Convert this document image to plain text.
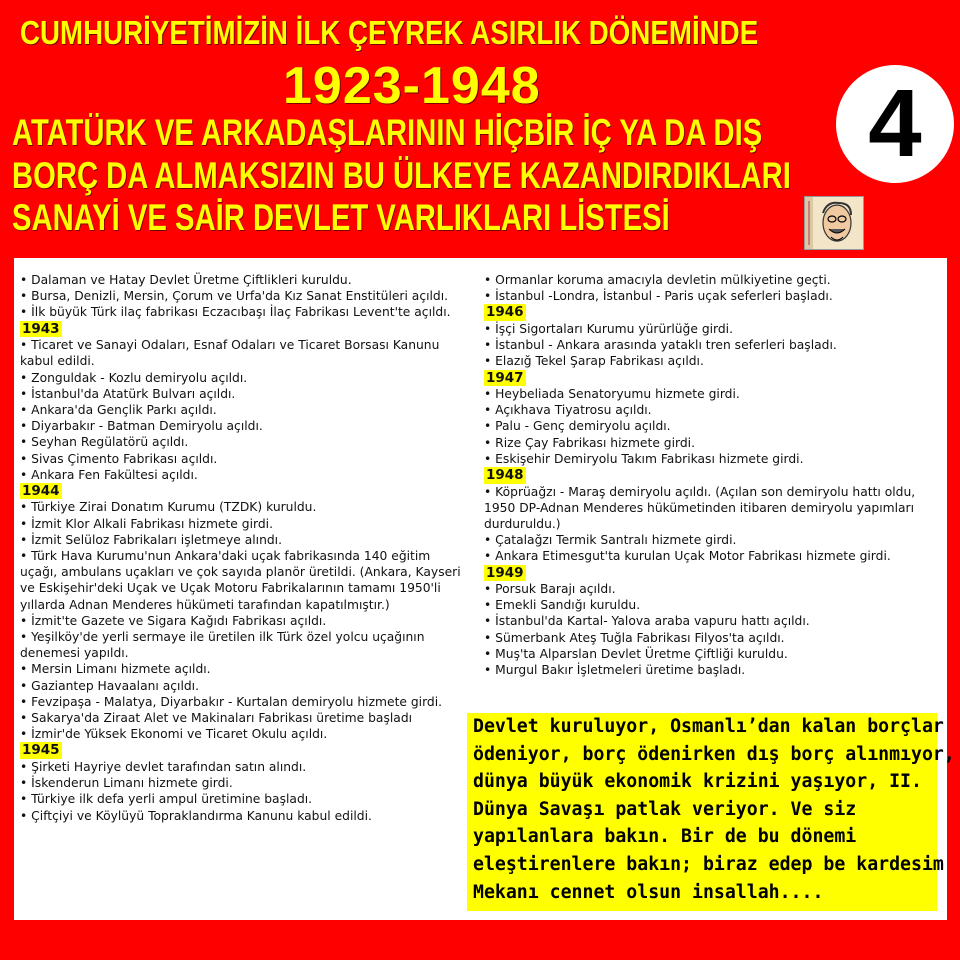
CUMHURİYETİMİZİN İLK ÇEYREK ASIRLIK DÖNEMİNDE
1923-1948
ATATÜRK VE ARKADAŞLARININ HİÇBİR İÇ YA DA DIŞ
BORÇ DA ALMAKSIZIN BU ÜLKEYE KAZANDIRDIKLARI
SANAYİ VE SAİR DEVLET VARLIKLARI LİSTESİ
4
• Dalaman ve Hatay Devlet Üretme Çiftlikleri kuruldu.
• Bursa, Denizli, Mersin, Çorum ve Urfa'da Kız Sanat Enstitüleri açıldı.
• İlk büyük Türk ilaç fabrikası Eczacıbaşı İlaç Fabrikası Levent'te açıldı.
1943
• Ticaret ve Sanayi Odaları, Esnaf Odaları ve Ticaret Borsası Kanunu kabul edildi.
• Zonguldak - Kozlu demiryolu açıldı.
• İstanbul'da Atatürk Bulvarı açıldı.
• Ankara'da Gençlik Parkı açıldı.
• Diyarbakır - Batman Demiryolu açıldı.
• Seyhan Regülatörü açıldı.
• Sivas Çimento Fabrikası açıldı.
• Ankara Fen Fakültesi açıldı.
1944
• Türkiye Zirai Donatım Kurumu (TZDK) kuruldu.
• İzmit Klor Alkali Fabrikası hizmete girdi.
• İzmit Selüloz Fabrikaları işletmeye alındı.
• Türk Hava Kurumu'nun Ankara'daki uçak fabrikasında 140 eğitim uçağı, ambulans uçakları ve çok sayıda planör üretildi. (Ankara, Kayseri ve Eskişehir'deki Uçak ve Uçak Motoru Fabrikalarının tamamı 1950'li yıllarda Adnan Menderes hükümeti tarafından kapatılmıştır.)
• İzmit'te Gazete ve Sigara Kağıdı Fabrikası açıldı.
• Yeşilköy'de yerli sermaye ile üretilen ilk Türk özel yolcu uçağının denemesi yapıldı.
• Mersin Limanı hizmete açıldı.
• Gaziantep Havaalanı açıldı.
• Fevzipaşa - Malatya, Diyarbakır - Kurtalan demiryolu hizmete girdi.
• Sakarya'da Ziraat Alet ve Makinaları Fabrikası üretime başladı
• İzmir'de Yüksek Ekonomi ve Ticaret Okulu açıldı.
1945
• Şirketi Hayriye devlet tarafından satın alındı.
• İskenderun Limanı hizmete girdi.
• Türkiye ilk defa yerli ampul üretimine başladı.
• Çiftçiyi ve Köylüyü Topraklandırma Kanunu kabul edildi.
• Ormanlar koruma amacıyla devletin mülkiyetine geçti.
• İstanbul -Londra, İstanbul - Paris uçak seferleri başladı.
1946
• İşçi Sigortaları Kurumu yürürlüğe girdi.
• İstanbul - Ankara arasında yataklı tren seferleri başladı.
• Elazığ Tekel Şarap Fabrikası açıldı.
1947
• Heybeliada Senatoryumu hizmete girdi.
• Açıkhava Tiyatrosu açıldı.
• Palu - Genç demiryolu açıldı.
• Rize Çay Fabrikası hizmete girdi.
• Eskişehir Demiryolu Takım Fabrikası hizmete girdi.
1948
• Köprüağzı - Maraş demiryolu açıldı. (Açılan son demiryolu hattı oldu, 1950 DP-Adnan Menderes hükümetinden itibaren demiryolu yapımları durduruldu.)
• Çatalağzı Termik Santralı hizmete girdi.
• Ankara Etimesgut'ta kurulan Uçak Motor Fabrikası hizmete girdi.
1949
• Porsuk Barajı açıldı.
• Emekli Sandığı kuruldu.
• İstanbul'da Kartal- Yalova araba vapuru hattı açıldı.
• Sümerbank Ateş Tuğla Fabrikası Filyos'ta açıldı.
• Muş'ta Alparslan Devlet Üretme Çiftliği kuruldu.
• Murgul Bakır İşletmeleri üretime başladı.
Devlet kuruluyor, Osmanlı’dan kalan borçlar
ödeniyor, borç ödenirken dış borç alınmıyor,
dünya büyük ekonomik krizini yaşıyor, II.
Dünya Savaşı patlak veriyor. Ve siz
yapılanlara bakın. Bir de bu dönemi
eleştirenlere bakın; biraz edep be kardesim
Mekanı cennet olsun insallah....
